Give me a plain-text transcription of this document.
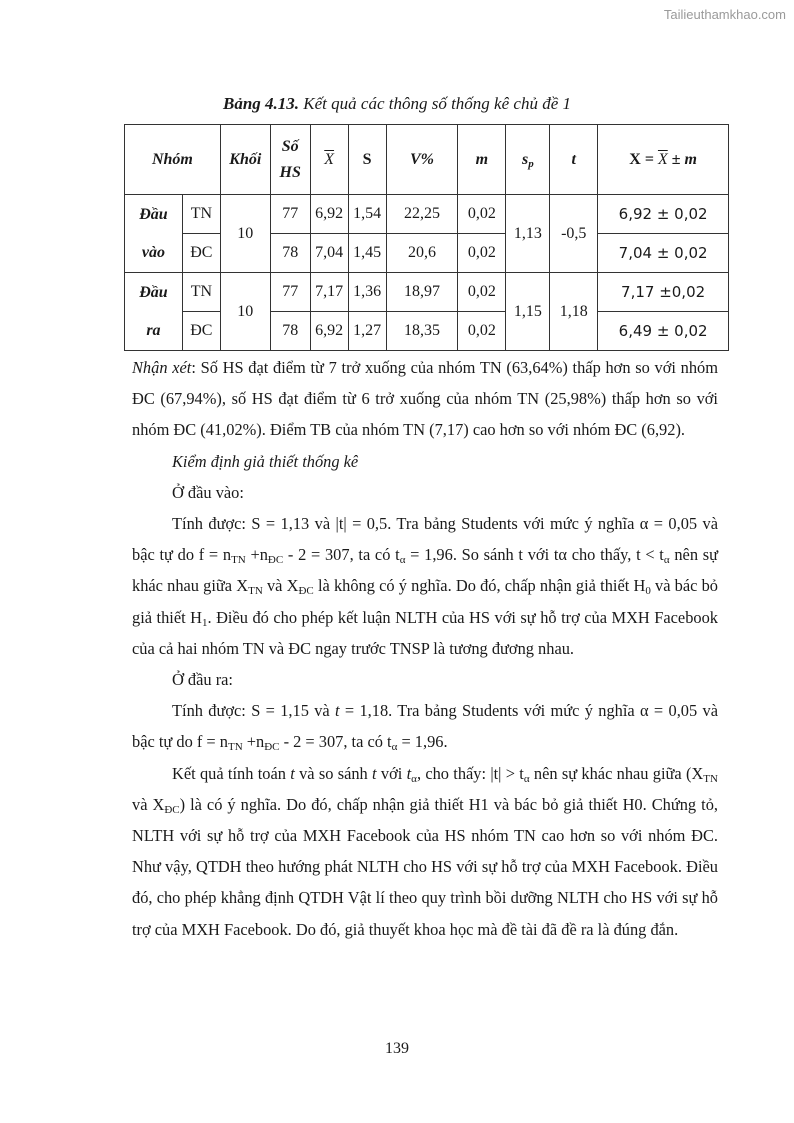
Tailieuthamkhao.com
Bảng 4.13. Kết quả các thông số thống kê chủ đề 1
Nhóm		Khối	Số
HS	$\overline{X}$	S	V%	m	$s_p$	t	$X = \overline{X} \pm m$
Đầu
vào	TN	10	77	6,92	1,54	22,25	0,02	1,13	-0,5	6,92 ± 0,02
	ĐC		78	7,04	1,45	20,6	0,02			7,04 ± 0,02
Đầu
ra	TN	10	77	7,17	1,36	18,97	0,02	1,15	1,18	7,17 ±0,02
	ĐC		78	6,92	1,27	18,35	0,02			6,49 ± 0,02

Nhận xét: Số HS đạt điểm từ 7 trở xuống của nhóm TN (63,64%) thấp hơn so với nhóm ĐC (67,94%), số HS đạt điểm từ 6 trở xuống của nhóm TN (25,98%) thấp hơn so với nhóm ĐC (41,02%). Điểm TB của nhóm TN (7,17) cao hơn so với nhóm ĐC (6,92).

Kiểm định giả thiết thống kê

Ở đầu vào:

Tính được: S = 1,13 và |t| = 0,5. Tra bảng Students với mức ý nghĩa α = 0,05 và bậc tự do $f = n_{TN} +n_{ĐC} - 2 = 307$, ta có $t_\alpha = 1,96$. So sánh t với tα cho thấy, $t < t_\alpha$ nên sự khác nhau giữa $X_{TN}$ và $X_{ĐC}$ là không có ý nghĩa. Do đó, chấp nhận giả thiết $H_0$ và bác bỏ giả thiết $H_1$. Điều đó cho phép kết luận NLTH của HS với sự hỗ trợ của MXH Facebook của cả hai nhóm TN và ĐC ngay trước TNSP là tương đương nhau.

Ở đầu ra:

Tính được: S = 1,15 và t = 1,18. Tra bảng Students với mức ý nghĩa α = 0,05 và bậc tự do $f = n_{TN} +n_{ĐC} - 2 = 307$, ta có $t_\alpha = 1,96$.

Kết quả tính toán t và so sánh t với $t_\alpha$, cho thấy: $|t| > t_\alpha$ nên sự khác nhau giữa ($X_{TN}$ và $X_{ĐC}$) là có ý nghĩa. Do đó, chấp nhận giả thiết H1 và bác bỏ giả thiết H0. Chứng tỏ, NLTH với sự hỗ trợ của MXH Facebook của HS nhóm TN cao hơn so với nhóm ĐC. Như vậy, QTDH theo hướng phát NLTH cho HS với sự hỗ trợ của MXH Facebook. Điều đó, cho phép khẳng định QTDH Vật lí theo quy trình bồi dưỡng NLTH cho HS với sự hỗ trợ của MXH Facebook. Do đó, giả thuyết khoa học mà đề tài đã đề ra là đúng đắn.

139
